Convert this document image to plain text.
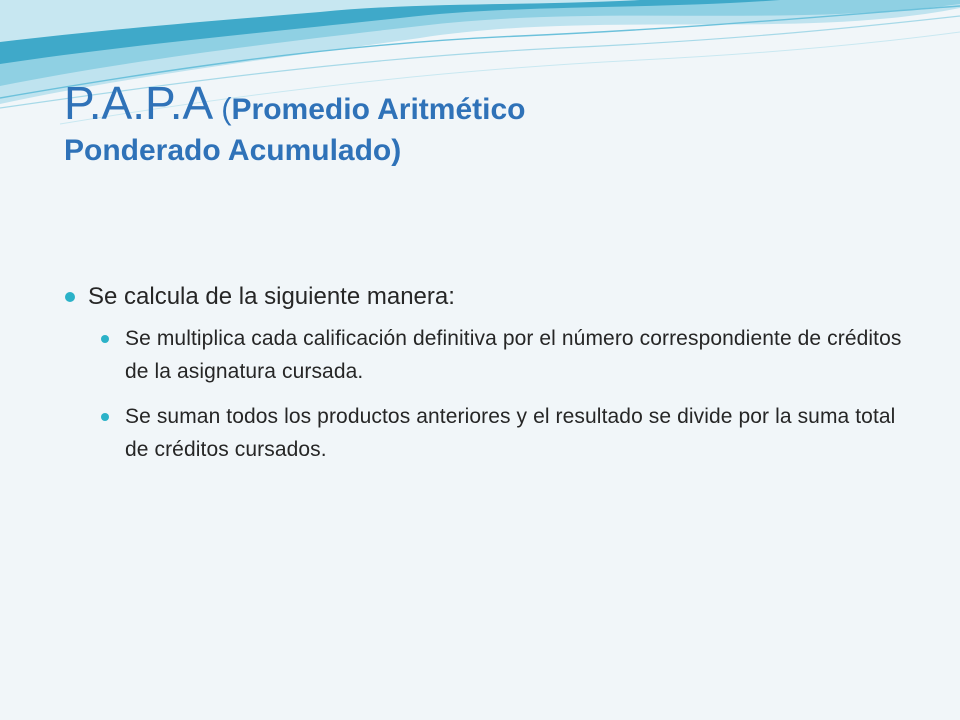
P.A.P.A (Promedio Aritmético
Ponderado Acumulado)
Se calcula de la siguiente manera:
Se multiplica cada calificación definitiva por el número correspondiente de créditos de la asignatura cursada.
Se suman todos los productos anteriores y el resultado se divide por la suma total de créditos cursados.
